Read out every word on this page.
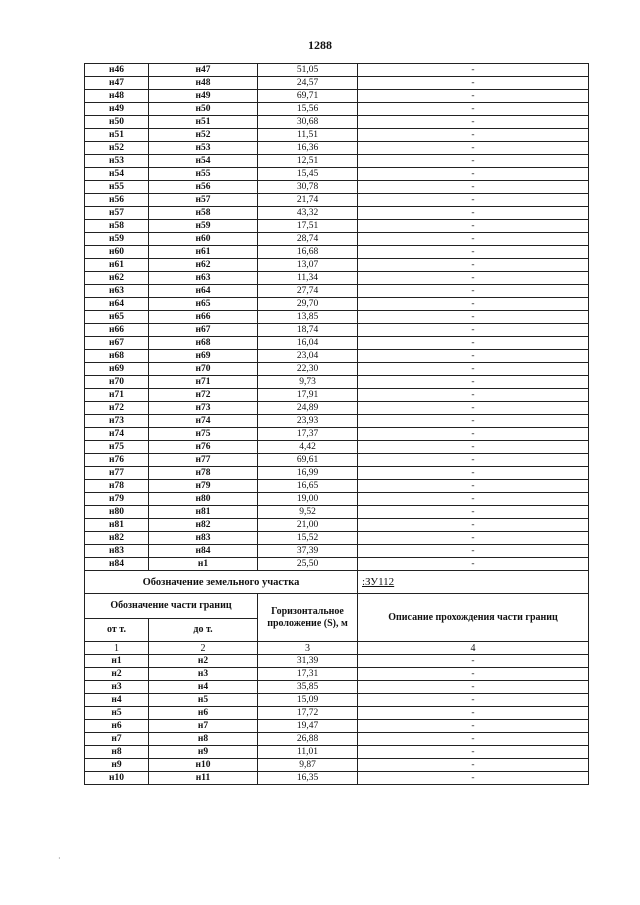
1288
н46	н47	51,05	-
н47	н48	24,57	-
н48	н49	69,71	-
н49	н50	15,56	-
н50	н51	30,68	-
н51	н52	11,51	-
н52	н53	16,36	-
н53	н54	12,51	-
н54	н55	15,45	-
н55	н56	30,78	-
н56	н57	21,74	-
н57	н58	43,32	-
н58	н59	17,51	-
н59	н60	28,74	-
н60	н61	16,68	-
н61	н62	13,07	-
н62	н63	11,34	-
н63	н64	27,74	-
н64	н65	29,70	-
н65	н66	13,85	-
н66	н67	18,74	-
н67	н68	16,04	-
н68	н69	23,04	-
н69	н70	22,30	-
н70	н71	9,73	-
н71	н72	17,91	-
н72	н73	24,89	-
н73	н74	23,93	-
н74	н75	17,37	-
н75	н76	4,42	-
н76	н77	69,61	-
н77	н78	16,99	-
н78	н79	16,65	-
н79	н80	19,00	-
н80	н81	9,52	-
н81	н82	21,00	-
н82	н83	15,52	-
н83	н84	37,39	-
н84	н1	25,50	-
Обозначение земельного участка			:ЗУ112
Обозначение части границ		Горизонтальное проложение (S), м	Описание прохождения части границ
от т.	до т.		
1	2	3	4
н1	н2	31,39	-
н2	н3	17,31	-
н3	н4	35,85	-
н4	н5	15,09	-
н5	н6	17,72	-
н6	н7	19,47	-
н7	н8	26,88	-
н8	н9	11,01	-
н9	н10	9,87	-
н10	н11	16,35	-
·
